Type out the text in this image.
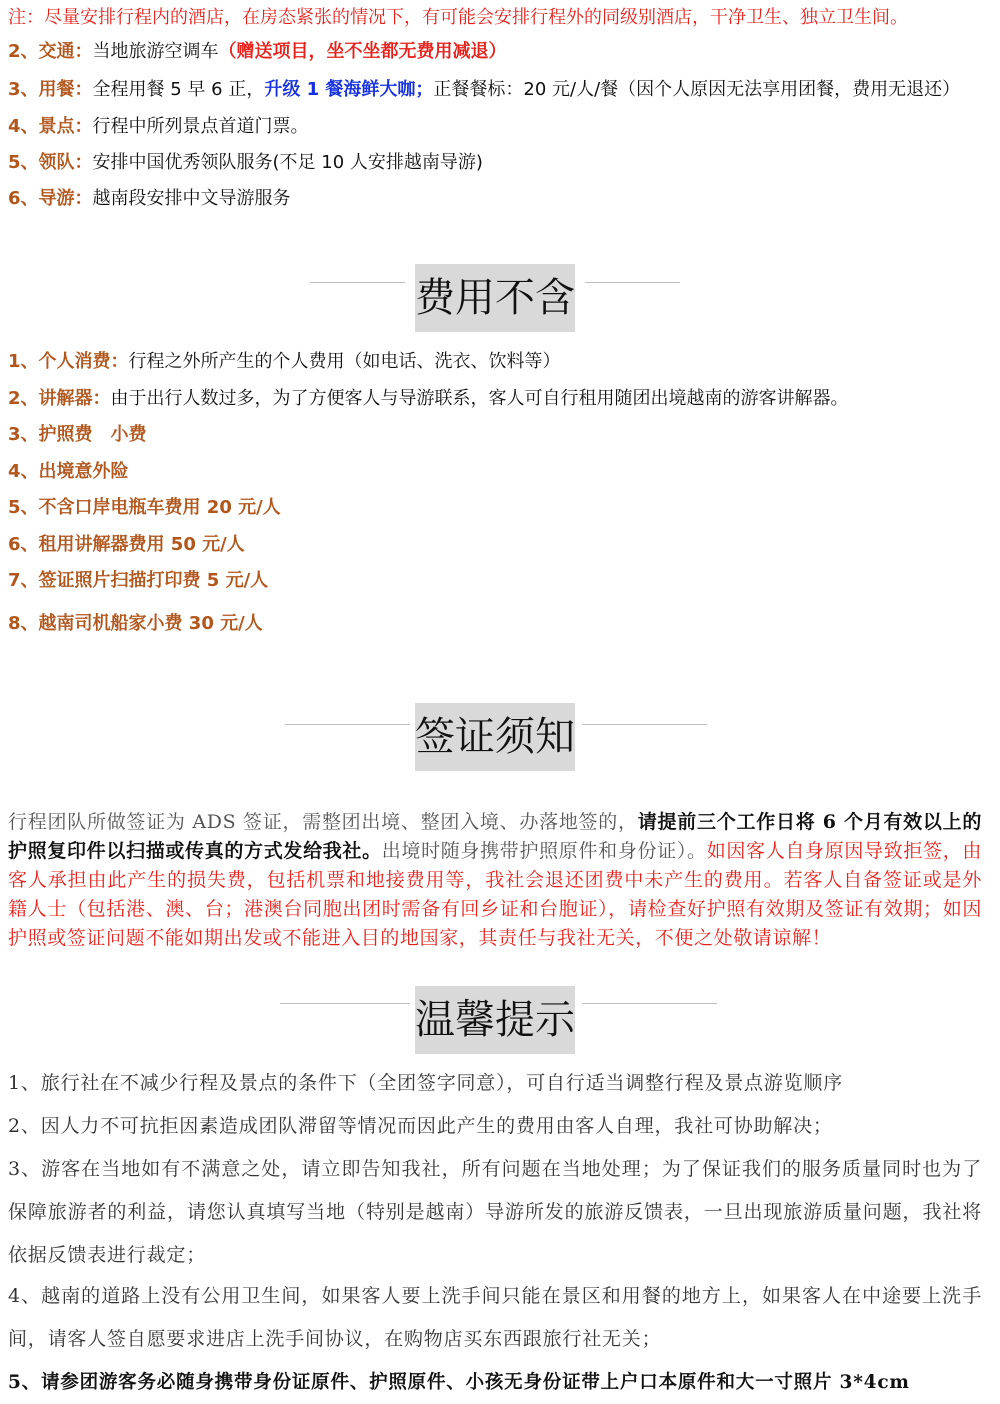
注：尽量安排行程内的酒店，在房态紧张的情况下，有可能会安排行程外的同级别酒店，干净卫生、独立卫生间。
2、交通：当地旅游空调车（赠送项目，坐不坐都无费用减退）
3、用餐：全程用餐 5 早 6 正，升级 1 餐海鲜大咖；正餐餐标：20 元/人/餐（因个人原因无法享用团餐，费用无退还）
4、景点：行程中所列景点首道门票。
5、领队：安排中国优秀领队服务(不足 10 人安排越南导游)
6、导游：越南段安排中文导游服务
费用不含
1、个人消费：行程之外所产生的个人费用（如电话、洗衣、饮料等）
2、讲解器：由于出行人数过多，为了方便客人与导游联系，客人可自行租用随团出境越南的游客讲解器。
3、护照费　小费
4、出境意外险
5、不含口岸电瓶车费用 20 元/人
6、租用讲解器费用 50 元/人
7、签证照片扫描打印费 5 元/人
8、越南司机船家小费 30 元/人
签证须知
行程团队所做签证为 ADS 签证，需整团出境、整团入境、办落地签的，请提前三个工作日将 6 个月有效以上的护照复印件以扫描或传真的方式发给我社。出境时随身携带护照原件和身份证）。如因客人自身原因导致拒签，由客人承担由此产生的损失费，包括机票和地接费用等，我社会退还团费中未产生的费用。若客人自备签证或是外籍人士（包括港、澳、台；港澳台同胞出团时需备有回乡证和台胞证），请检查好护照有效期及签证有效期；如因护照或签证问题不能如期出发或不能进入目的地国家，其责任与我社无关，不便之处敬请谅解！
温馨提示
1、旅行社在不减少行程及景点的条件下（全团签字同意），可自行适当调整行程及景点游览顺序
2、因人力不可抗拒因素造成团队滞留等情况而因此产生的费用由客人自理，我社可协助解决；
3、游客在当地如有不满意之处，请立即告知我社，所有问题在当地处理；为了保证我们的服务质量同时也为了保障旅游者的利益，请您认真填写当地（特别是越南）导游所发的旅游反馈表，一旦出现旅游质量问题，我社将依据反馈表进行裁定；
4、越南的道路上没有公用卫生间，如果客人要上洗手间只能在景区和用餐的地方上，如果客人在中途要上洗手间，请客人签自愿要求进店上洗手间协议，在购物店买东西跟旅行社无关；
5、请参团游客务必随身携带身份证原件、护照原件、小孩无身份证带上户口本原件和大一寸照片 3*4cm
